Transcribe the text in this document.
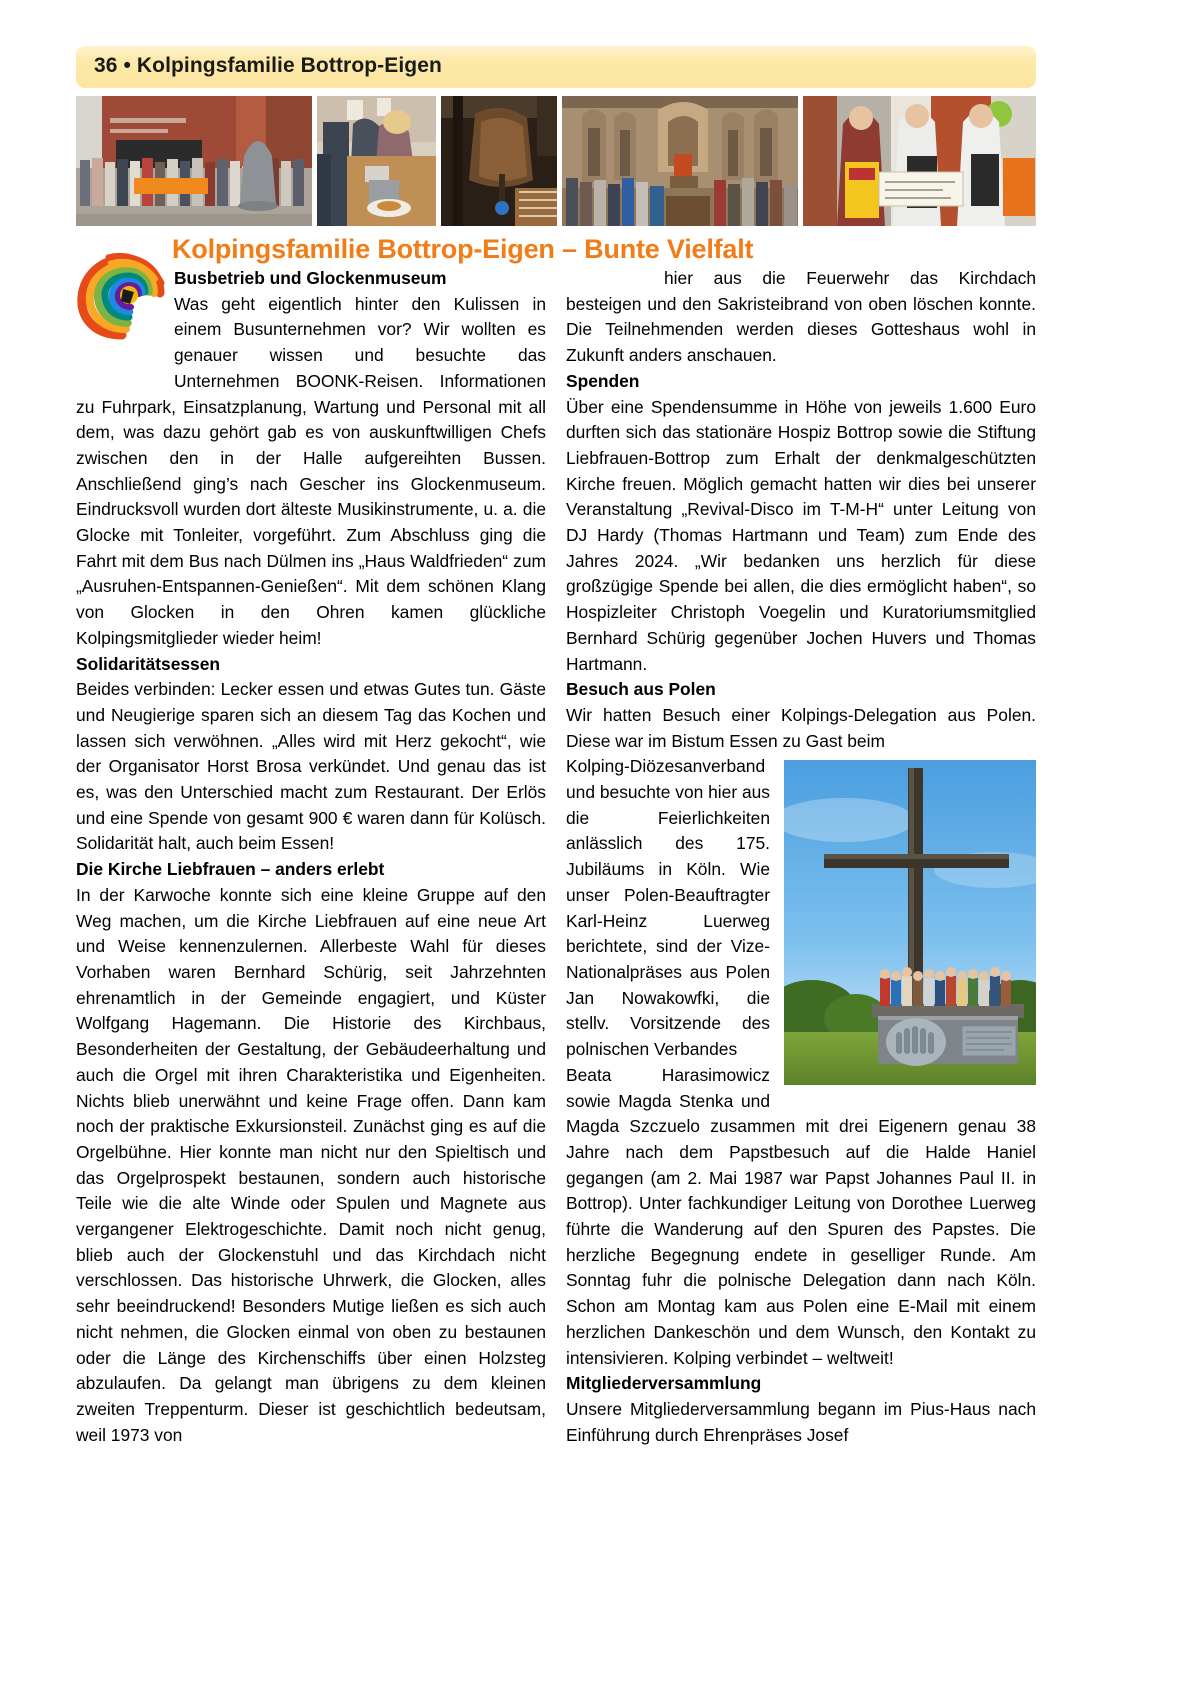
36 • Kolpingsfamilie Bottrop-Eigen
Kolpingsfamilie Bottrop-Eigen – Bunte Vielfalt

Busbetrieb und Glockenmuseum

Was geht eigentlich hinter den Kulissen in einem Busunternehmen vor? Wir wollten es genauer wissen und besuchte das Unternehmen BOONK-Reisen. Informationen zu Fuhrpark, Einsatzplanung, Wartung und Personal mit all dem, was dazu gehört gab es von auskunftwilligen Chefs zwischen den in der Halle aufgereihten Bussen. Anschließend ging’s nach Gescher ins Glockenmuseum. Eindrucksvoll wurden dort älteste Musikinstrumente, u. a. die Glocke mit Tonleiter, vorgeführt. Zum Abschluss ging die Fahrt mit dem Bus nach Dülmen ins „Haus Waldfrieden“ zum „Ausruhen-Entspannen-Genießen“. Mit dem schönen Klang von Glocken in den Ohren kamen glückliche Kolpingsmitglieder wieder heim!

Solidaritätsessen

Beides verbinden: Lecker essen und etwas Gutes tun. Gäste und Neugierige sparen sich an diesem Tag das Kochen und lassen sich verwöhnen. „Alles wird mit Herz gekocht“, wie der Organisator Horst Brosa verkündet. Und genau das ist es, was den Unterschied macht zum Restaurant. Der Erlös und eine Spende von gesamt 900 € waren dann für Kolüsch. Solidarität halt, auch beim Essen!

Die Kirche Liebfrauen – anders erlebt

In der Karwoche konnte sich eine kleine Gruppe auf den Weg machen, um die Kirche Liebfrauen auf eine neue Art und Weise kennenzulernen. Allerbeste Wahl für dieses Vorhaben waren Bernhard Schürig, seit Jahrzehnten ehrenamtlich in der Gemeinde engagiert, und Küster Wolfgang Hagemann. Die Historie des Kirchbaus, Besonderheiten der Gestaltung, der Gebäudeerhaltung und auch die Orgel mit ihren Charakteristika und Eigenheiten. Nichts blieb unerwähnt und keine Frage offen. Dann kam noch der praktische Exkursionsteil. Zunächst ging es auf die Orgelbühne. Hier konnte man nicht nur den Spieltisch und das Orgelprospekt bestaunen, sondern auch historische Teile wie die alte Winde oder Spulen und Magnete aus vergangener Elektrogeschichte. Damit noch nicht genug, blieb auch der Glockenstuhl und das Kirchdach nicht verschlossen. Das historische Uhrwerk, die Glocken, alles sehr beeindruckend! Besonders Mutige ließen es sich auch nicht nehmen, die Glocken einmal von oben zu bestaunen oder die Länge des Kirchenschiffs über einen Holzsteg abzulaufen. Da gelangt man übrigens zu dem kleinen zweiten Treppenturm. Dieser ist geschichtlich bedeutsam, weil 1973 von

hier aus die Feuerwehr das Kirchdach besteigen und den Sakristeibrand von oben löschen konnte. Die Teilnehmenden werden dieses Gotteshaus wohl in Zukunft anders anschauen.

Spenden

Über eine Spendensumme in Höhe von jeweils 1.600 Euro durften sich das stationäre Hospiz Bottrop sowie die Stiftung Liebfrauen-Bottrop zum Erhalt der denkmalgeschützten Kirche freuen. Möglich gemacht hatten wir dies bei unserer Veranstaltung „Revival-Disco im T-M-H“ unter Leitung von DJ Hardy (Thomas Hartmann und Team) zum Ende des Jahres 2024. „Wir bedanken uns herzlich für diese großzügige Spende bei allen, die dies ermöglicht haben“, so Hospizleiter Christoph Voegelin und Kuratoriumsmitglied Bernhard Schürig gegenüber Jochen Huvers und Thomas Hartmann.

Besuch aus Polen

Wir hatten Besuch einer Kolpings-Delegation aus Polen. Diese war im Bistum Essen zu Gast beim

Kolping-Diözesanverband und besuchte von hier aus die Feierlichkeiten anlässlich des 175. Jubiläums in Köln. Wie unser Polen-Beauftragter Karl-Heinz Luerweg berichtete, sind der Vize-Nationalpräses aus Polen Jan Nowakowfki, die stellv. Vorsitzende des polnischen Verbandes

Beata Harasimowicz sowie Magda Stenka und Magda Szczuelo zusammen mit drei Eigenern genau 38 Jahre nach dem Papstbesuch auf die Halde Haniel gegangen (am 2. Mai 1987 war Papst Johannes Paul II. in Bottrop). Unter fachkundiger Leitung von Dorothee Luerweg führte die Wanderung auf den Spuren des Papstes. Die herzliche Begegnung endete in geselliger Runde. Am Sonntag fuhr die polnische Delegation dann nach Köln. Schon am Montag kam aus Polen eine E-Mail mit einem herzlichen Dankeschön und dem Wunsch, den Kontakt zu intensivieren. Kolping verbindet – weltweit!

Mitgliederversammlung

Unsere Mitgliederversammlung begann im Pius-Haus nach Einführung durch Ehrenpräses Josef
